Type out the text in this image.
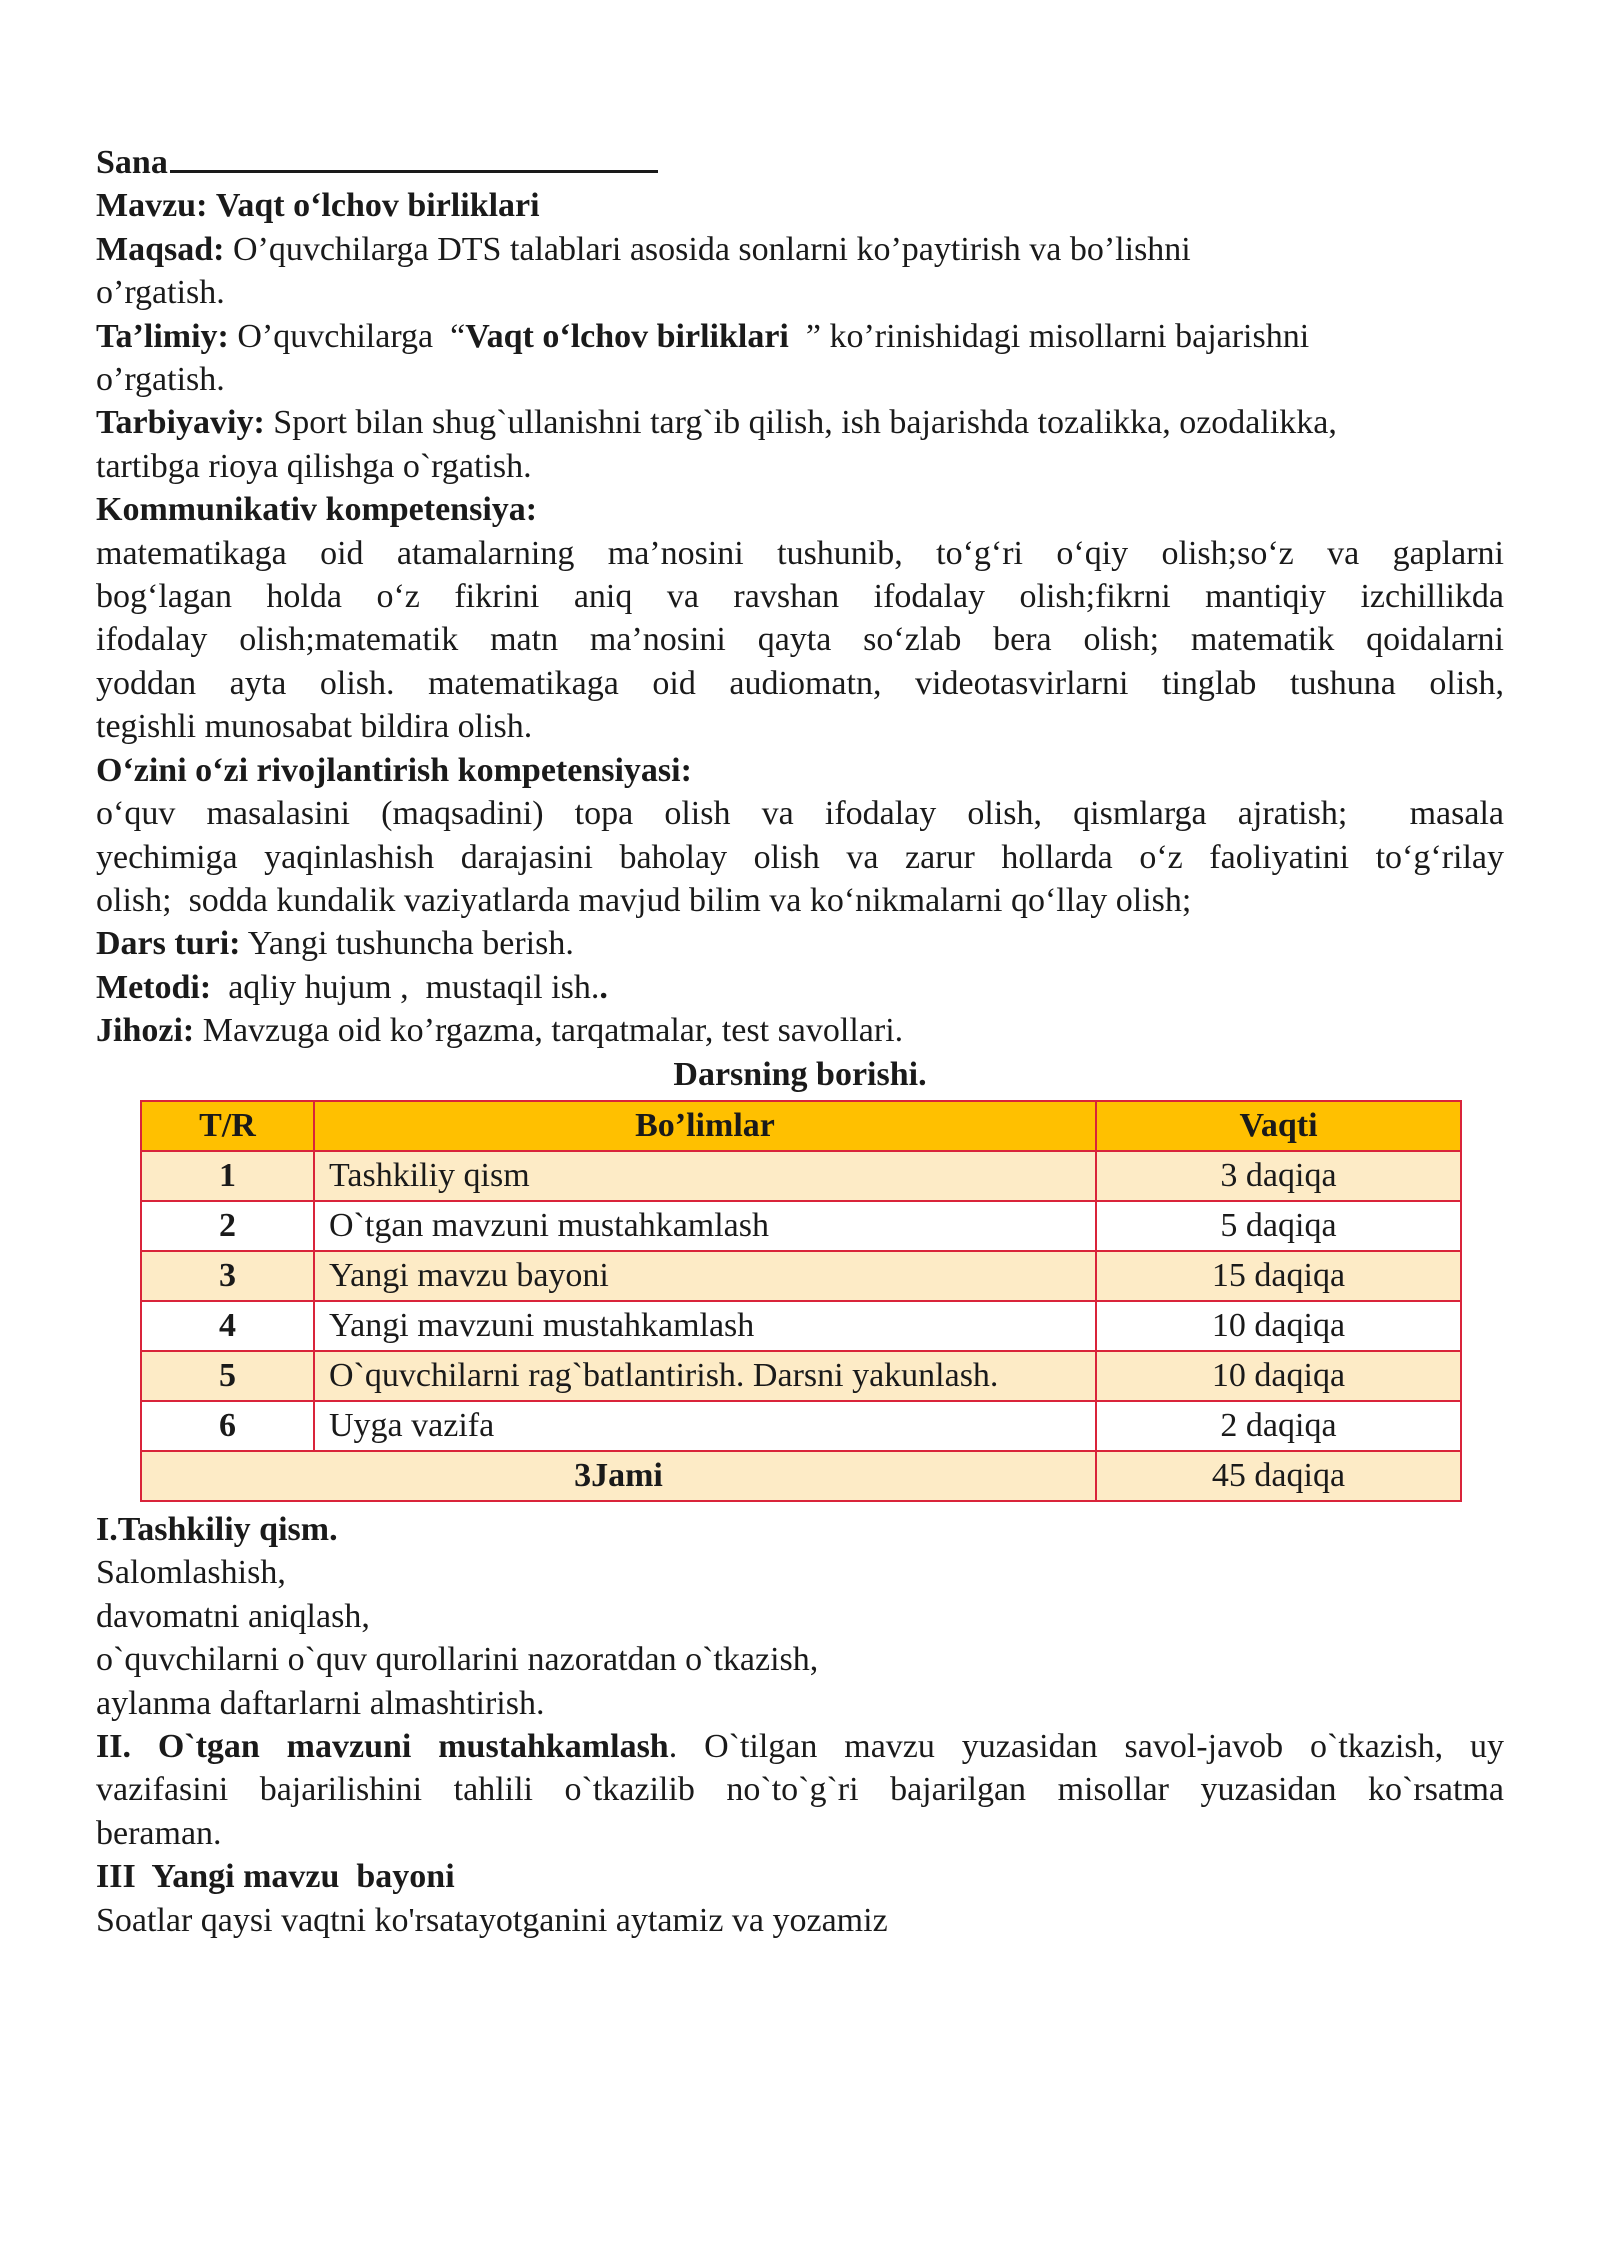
Sana

Mavzu: Vaqt o‘lchov birliklari

Maqsad: O’quvchilarga DTS talablari asosida sonlarni ko’paytirish va bo’lishni

o’rgatish.

Ta’limiy: O’quvchilarga  “Vaqt o‘lchov birliklari  ” ko’rinishidagi misollarni bajarishni

o’rgatish.

Tarbiyaviy: Sport bilan shug`ullanishni targ`ib qilish, ish bajarishda tozalikka, ozodalikka,

tartibga rioya qilishga o`rgatish.

Kommunikativ kompetensiya:

matematikaga oid atamalarning ma’nosini tushunib, to‘g‘ri o‘qiy olish;so‘z va gaplarni

bog‘lagan holda o‘z fikrini aniq va ravshan ifodalay olish;fikrni mantiqiy izchillikda

ifodalay olish;matematik matn ma’nosini qayta so‘zlab bera olish; matematik qoidalarni

yoddan ayta olish. matematikaga oid audiomatn, videotasvirlarni tinglab tushuna olish,

tegishli munosabat bildira olish.

O‘zini o‘zi rivojlantirish kompetensiyasi:

o‘quv masalasini (maqsadini) topa olish va ifodalay olish, qismlarga ajratish;  masala

yechimiga yaqinlashish darajasini baholay olish va zarur hollarda o‘z faoliyatini to‘g‘rilay

olish;  sodda kundalik vaziyatlarda mavjud bilim va ko‘nikmalarni qo‘llay olish;

Dars turi: Yangi tushuncha berish.

Metodi:  aqliy hujum ,  mustaqil ish..

Jihozi: Mavzuga oid ko’rgazma, tarqatmalar, test savollari.

Darsning borishi.

T/R	Bo’limlar	Vaqti
1	Tashkiliy qism	3 daqiqa
2	O`tgan mavzuni mustahkamlash	5 daqiqa
3	Yangi mavzu bayoni	15 daqiqa
4	Yangi mavzuni mustahkamlash	10 daqiqa
5	O`quvchilarni rag`batlantirish. Darsni yakunlash.	10 daqiqa
6	Uyga vazifa	2 daqiqa
3Jami		45 daqiqa

I.Tashkiliy qism.

Salomlashish,

davomatni aniqlash,

o`quvchilarni o`quv qurollarini nazoratdan o`tkazish,

aylanma daftarlarni almashtirish.

II. O`tgan mavzuni mustahkamlash. O`tilgan mavzu yuzasidan savol-javob o`tkazish, uy

vazifasini bajarilishini tahlili o`tkazilib no`to`g`ri bajarilgan misollar yuzasidan ko`rsatma

beraman.

III  Yangi mavzu  bayoni

Soatlar qaysi vaqtni ko'rsatayotganini aytamiz va yozamiz
